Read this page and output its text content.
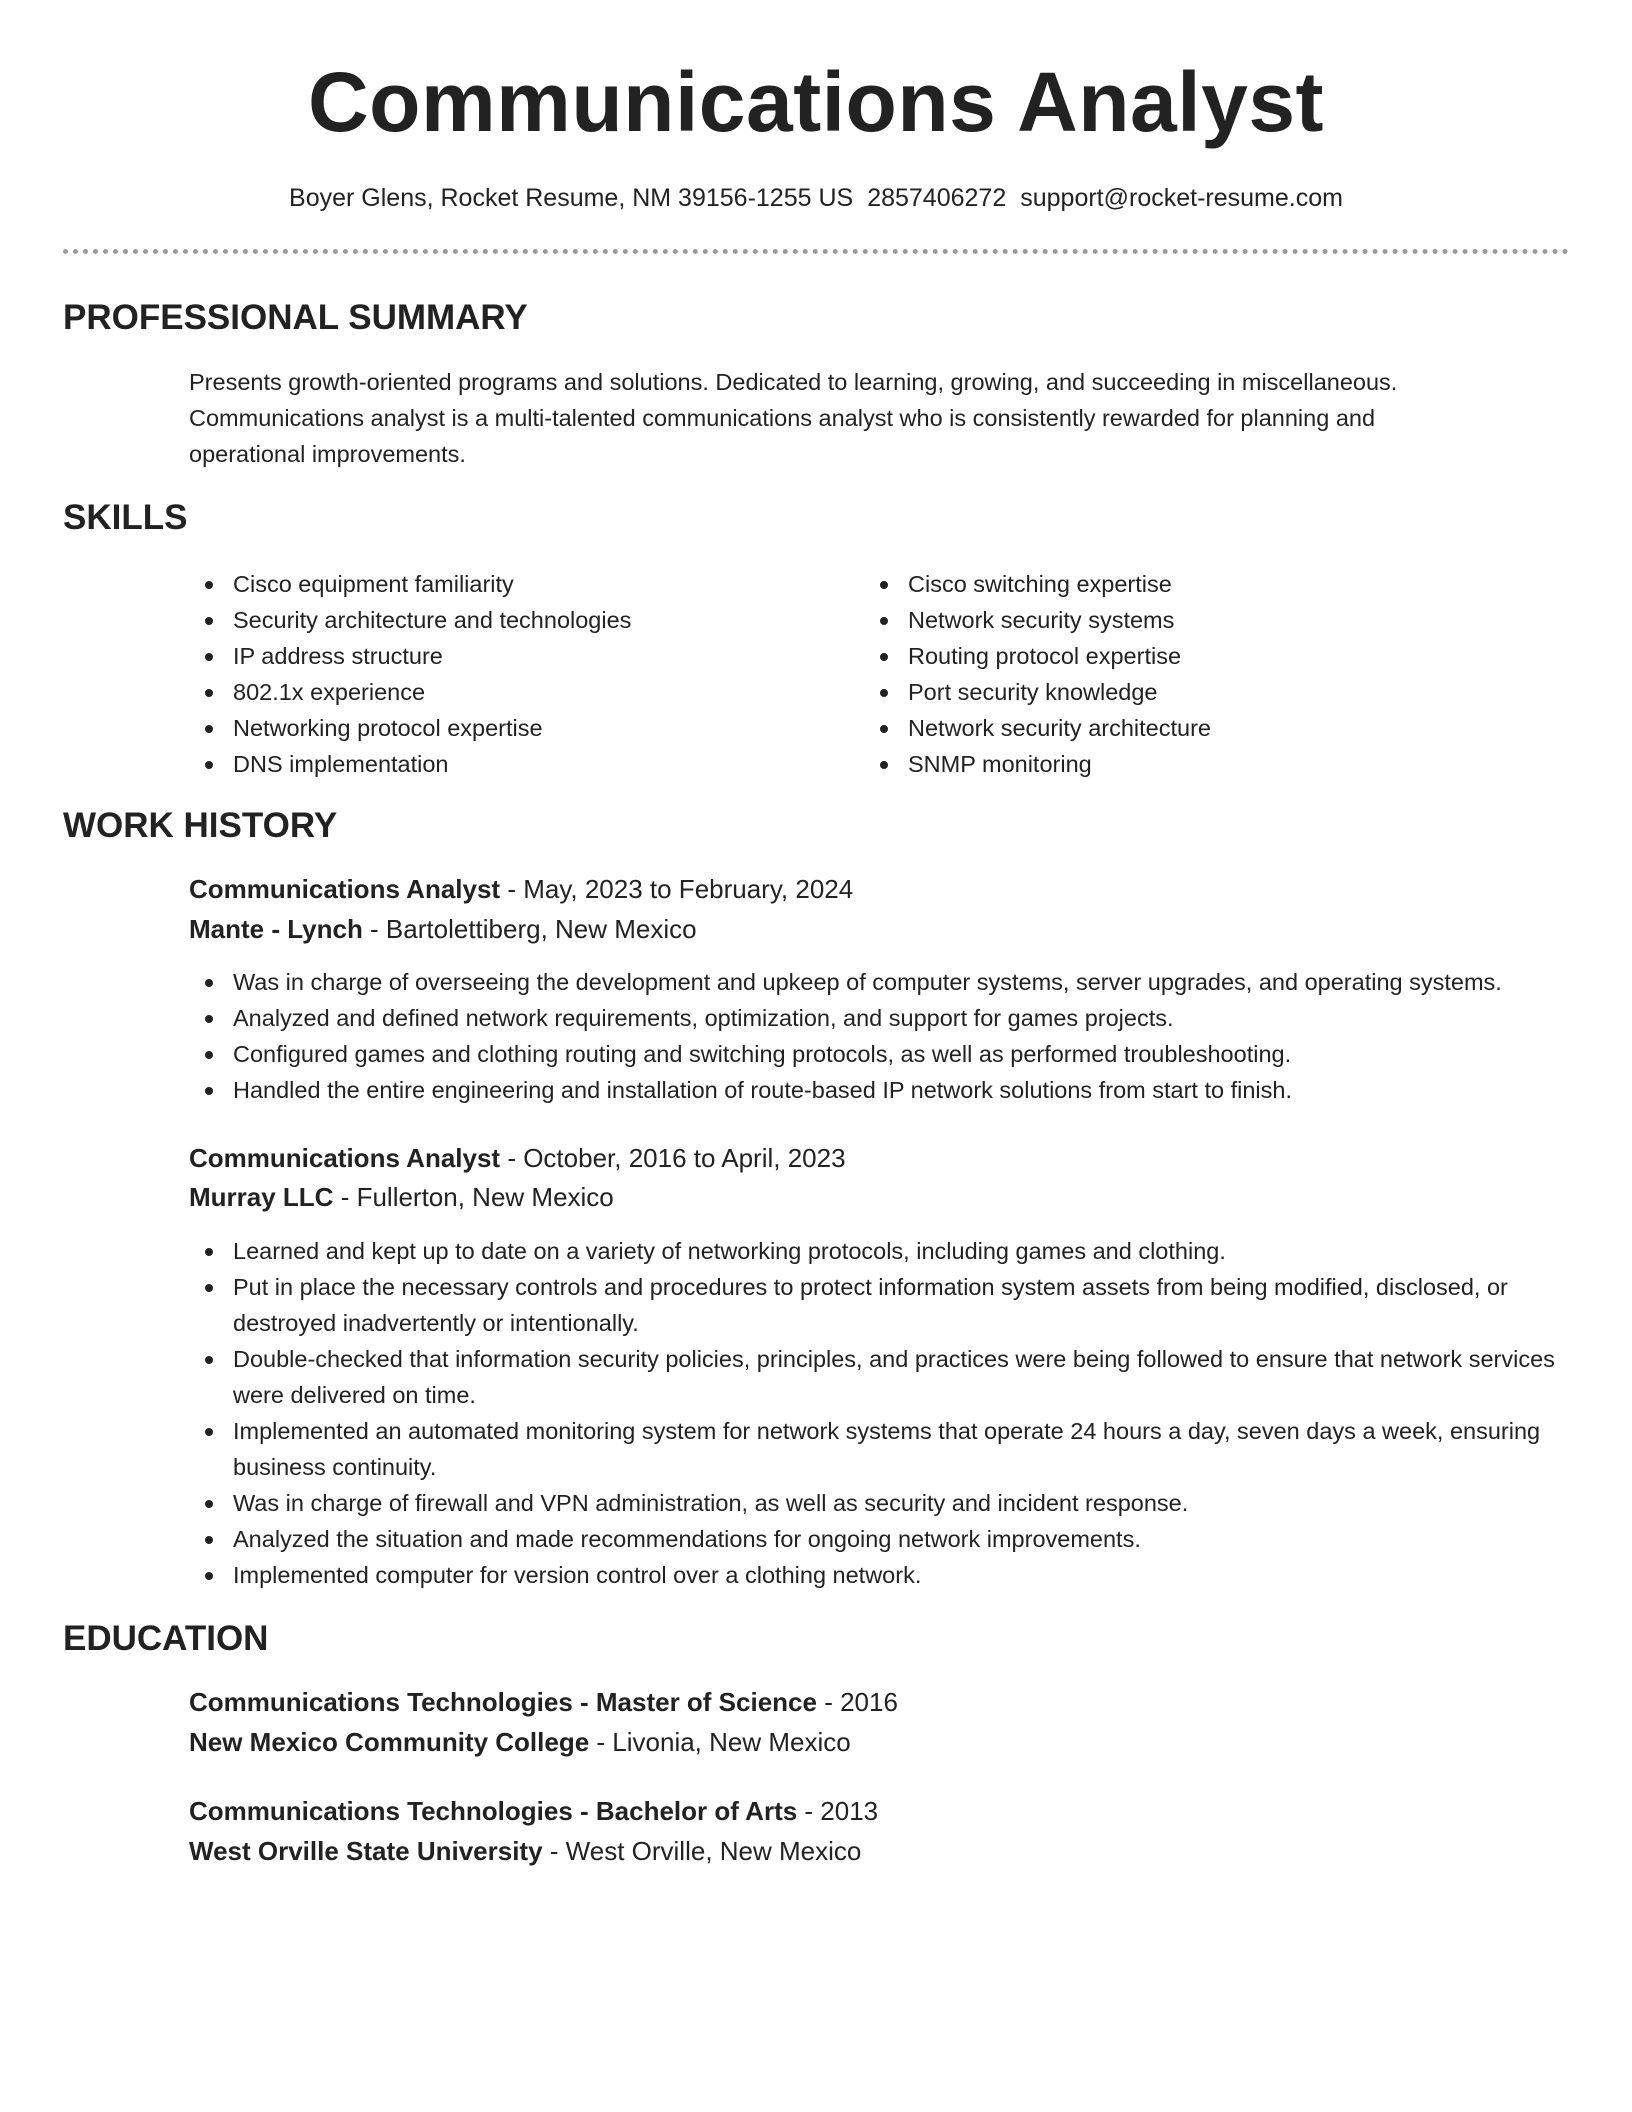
Communications Analyst
Boyer Glens, Rocket Resume, NM 39156-1255 US 2857406272 support@rocket-resume.com
PROFESSIONAL SUMMARY

Presents growth-oriented programs and solutions. Dedicated to learning, growing, and succeeding in miscellaneous. Communications analyst is a multi-talented communications analyst who is consistently rewarded for planning and operational improvements.

SKILLS
Cisco equipment familiarity
Security architecture and technologies
IP address structure
802.1x experience
Networking protocol expertise
DNS implementation
Cisco switching expertise
Network security systems
Routing protocol expertise
Port security knowledge
Network security architecture
SNMP monitoring
WORK HISTORY

Communications Analyst - May, 2023 to February, 2024

Mante - Lynch - Bartolettiberg, New Mexico

Was in charge of overseeing the development and upkeep of computer systems, server upgrades, and operating systems.
Analyzed and defined network requirements, optimization, and support for games projects.
Configured games and clothing routing and switching protocols, as well as performed troubleshooting.
Handled the entire engineering and installation of route-based IP network solutions from start to finish.

Communications Analyst - October, 2016 to April, 2023

Murray LLC - Fullerton, New Mexico

Learned and kept up to date on a variety of networking protocols, including games and clothing.
Put in place the necessary controls and procedures to protect information system assets from being modified, disclosed, or destroyed inadvertently or intentionally.
Double-checked that information security policies, principles, and practices were being followed to ensure that network services were delivered on time.
Implemented an automated monitoring system for network systems that operate 24 hours a day, seven days a week, ensuring business continuity.
Was in charge of firewall and VPN administration, as well as security and incident response.
Analyzed the situation and made recommendations for ongoing network improvements.
Implemented computer for version control over a clothing network.
EDUCATION

Communications Technologies - Master of Science - 2016

New Mexico Community College - Livonia, New Mexico

Communications Technologies - Bachelor of Arts - 2013

West Orville State University - West Orville, New Mexico
